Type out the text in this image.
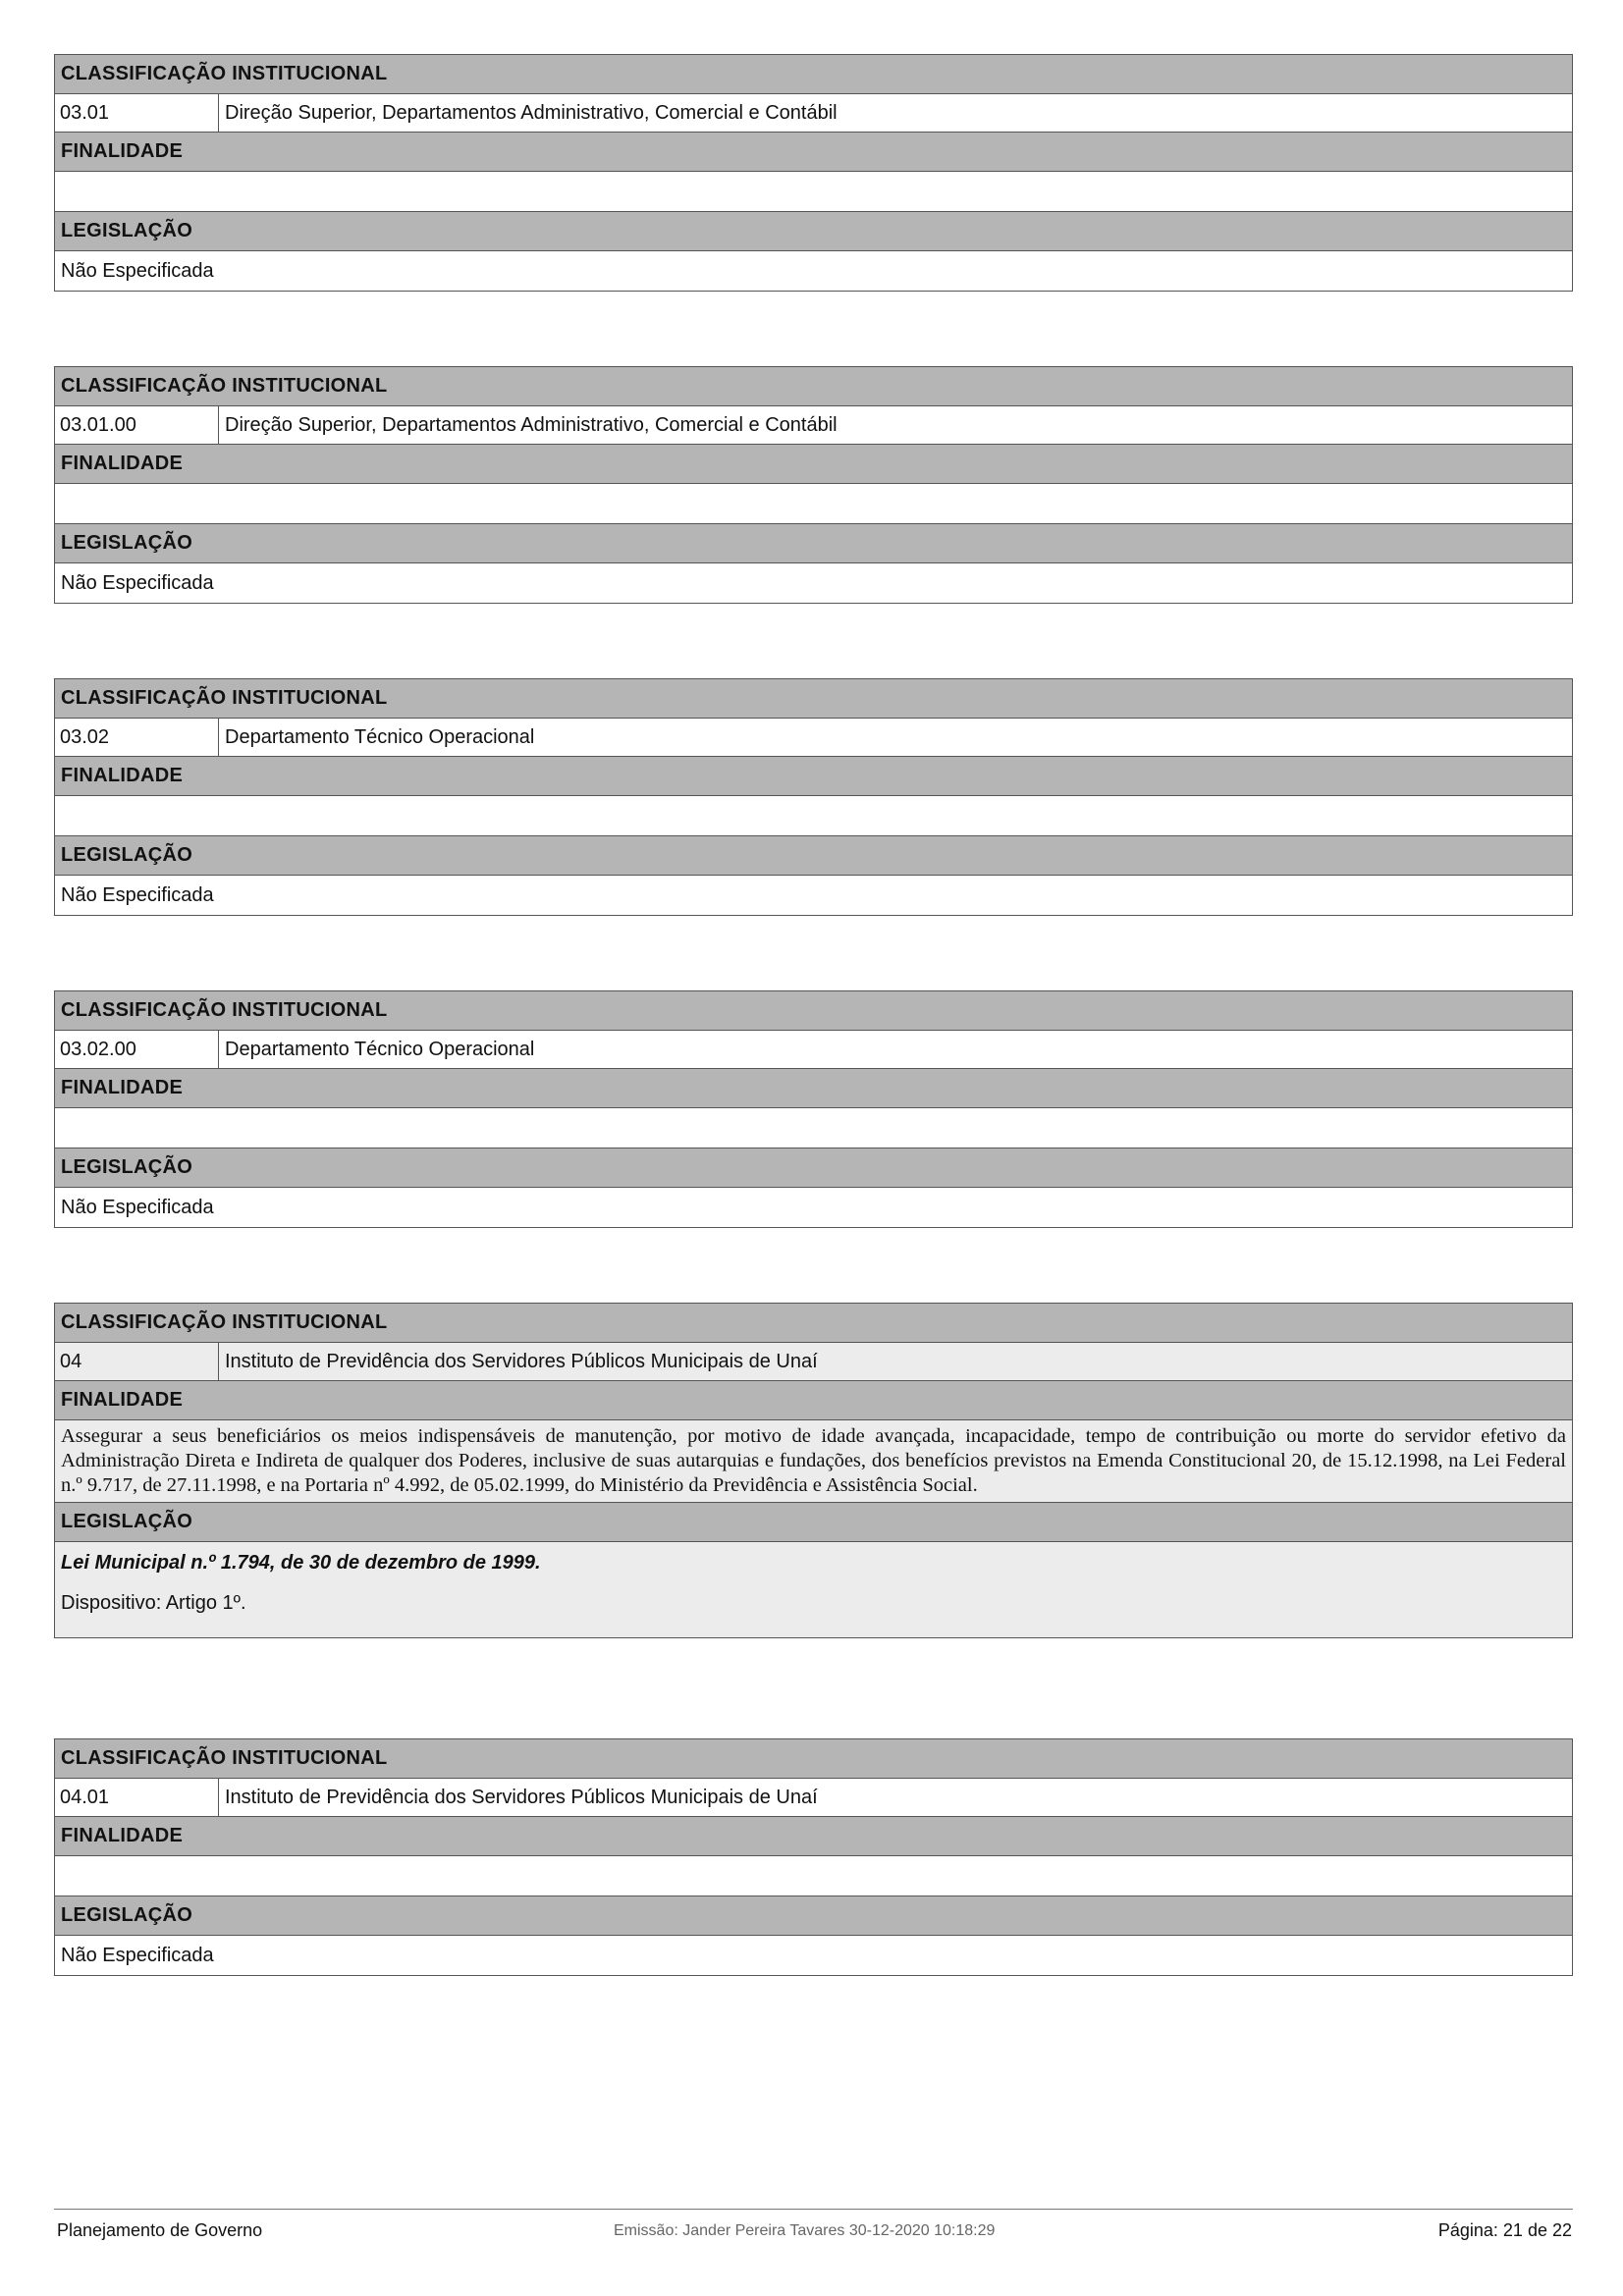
CLASSIFICAÇÃO INSTITUCIONAL
03.01	Direção Superior, Departamentos Administrativo, Comercial e Contábil
FINALIDADE
LEGISLAÇÃO
Não Especificada
CLASSIFICAÇÃO INSTITUCIONAL
03.01.00	Direção Superior, Departamentos Administrativo, Comercial e Contábil
FINALIDADE
LEGISLAÇÃO
Não Especificada
CLASSIFICAÇÃO INSTITUCIONAL
03.02	Departamento Técnico Operacional
FINALIDADE
LEGISLAÇÃO
Não Especificada
CLASSIFICAÇÃO INSTITUCIONAL
03.02.00	Departamento Técnico Operacional
FINALIDADE
LEGISLAÇÃO
Não Especificada
CLASSIFICAÇÃO INSTITUCIONAL
04	Instituto de Previdência dos Servidores Públicos Municipais de Unaí
FINALIDADE
Assegurar a seus beneficiários os meios indispensáveis de manutenção, por motivo de idade avançada, incapacidade, tempo de contribuição ou morte do servidor efetivo da Administração Direta e Indireta de qualquer dos Poderes, inclusive de suas autarquias e fundações, dos benefícios previstos na Emenda Constitucional 20, de 15.12.1998, na Lei Federal n.º 9.717, de 27.11.1998, e na Portaria nº 4.992, de 05.02.1999, do Ministério da Previdência e Assistência Social.
LEGISLAÇÃO
Lei Municipal n.º 1.794, de 30 de dezembro de 1999.
Dispositivo: Artigo 1º.
CLASSIFICAÇÃO INSTITUCIONAL
04.01	Instituto de Previdência dos Servidores Públicos Municipais de Unaí
FINALIDADE
LEGISLAÇÃO
Não Especificada
Planejamento de Governo	Emissão: Jander Pereira Tavares 30-12-2020 10:18:29	Página: 21 de 22
